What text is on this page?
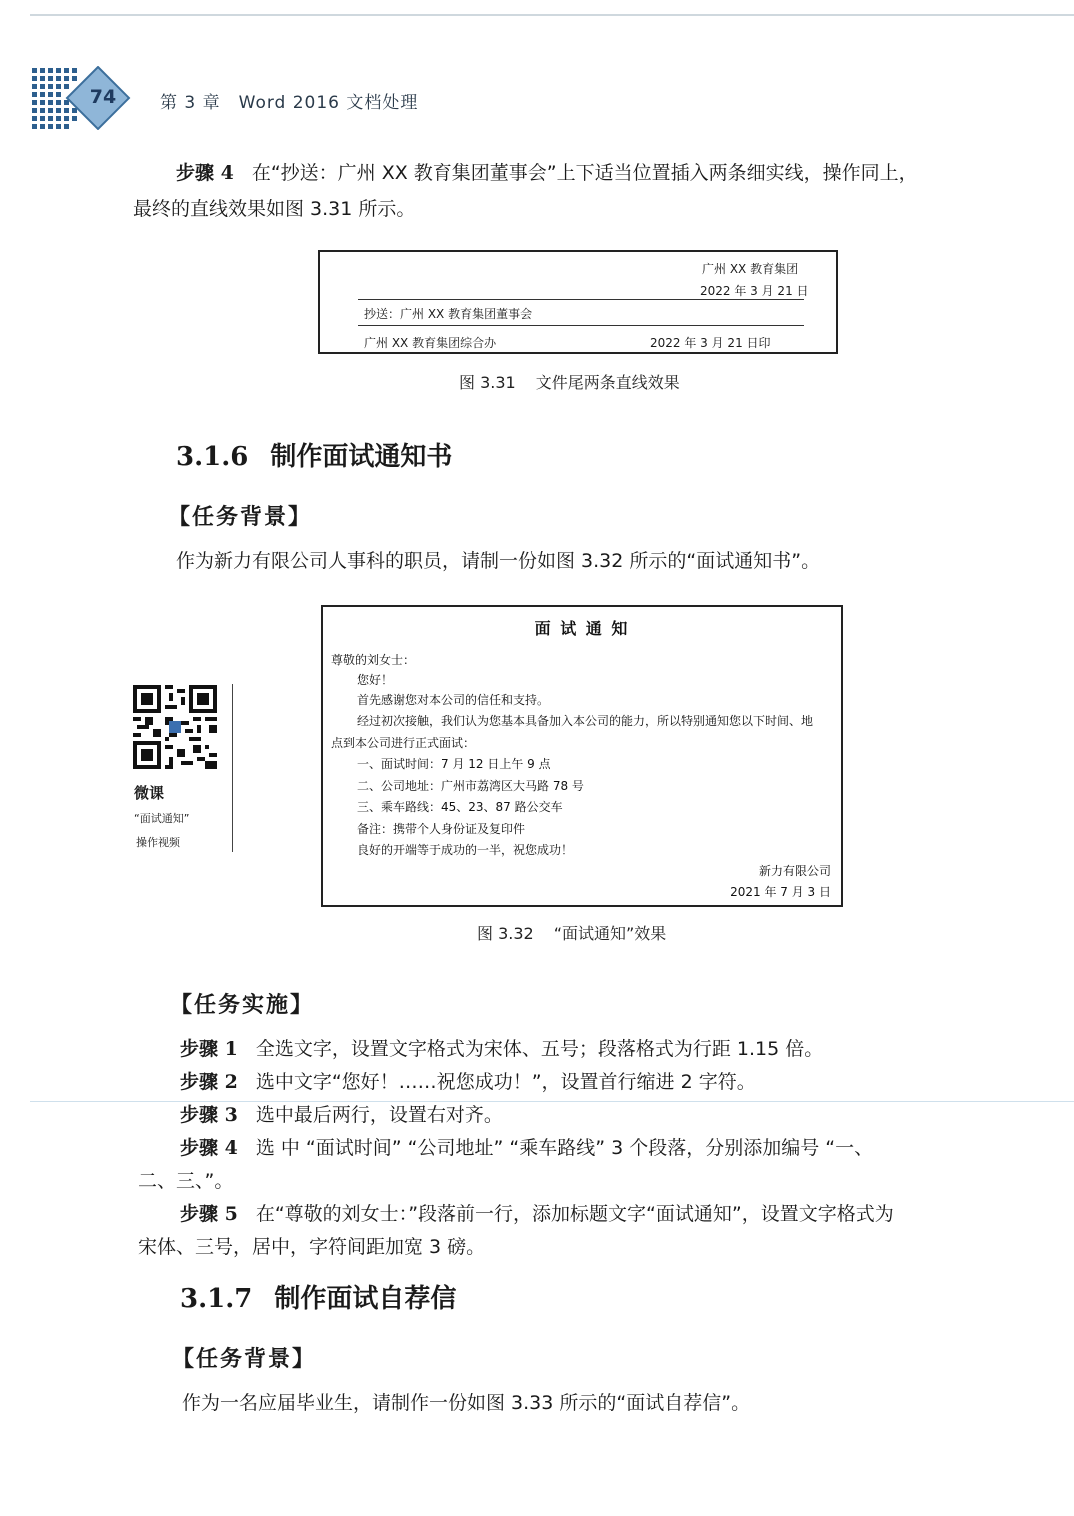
74	第 3 章 Word 2016 文档处理
步骤 4 在“抄送：广州 XX 教育集团董事会”上下适当位置插入两条细实线，操作同上，
最终的直线效果如图 3.31 所示。
广州 XX 教育集团
2022 年 3 月 21 日
抄送：广州 XX 教育集团董事会
广州 XX 教育集团综合办	2022 年 3 月 21 日印
图 3.31 文件尾两条直线效果
3.1.6 制作面试通知书
【任务背景】
作为新力有限公司人事科的职员，请制一份如图 3.32 所示的“面试通知书”。
面 试 通 知
尊敬的刘女士：
您好！
首先感谢您对本公司的信任和支持。
经过初次接触，我们认为您基本具备加入本公司的能力，所以特别通知您以下时间、地
点到本公司进行正式面试：
一、面试时间：7 月 12 日上午 9 点
二、公司地址：广州市荔湾区大马路 78 号
三、乘车路线：45、23、87 路公交车
备注：携带个人身份证及复印件
良好的开端等于成功的一半，祝您成功！
新力有限公司
2021 年 7 月 3 日
图 3.32 “面试通知”效果
微课
“面试通知”
操作视频
【任务实施】
步骤 1 全选文字，设置文字格式为宋体、五号；段落格式为行距 1.15 倍。
步骤 2 选中文字“您好！……祝您成功！”，设置首行缩进 2 字符。
步骤 3 选中最后两行，设置右对齐。
步骤 4 选 中 “面试时间” “公司地址” “乘车路线” 3 个段落，分别添加编号 “一、
二、三、”。
步骤 5 在“尊敬的刘女士：”段落前一行，添加标题文字“面试通知”，设置文字格式为
宋体、三号，居中，字符间距加宽 3 磅。
3.1.7 制作面试自荐信
【任务背景】
作为一名应届毕业生，请制作一份如图 3.33 所示的“面试自荐信”。
